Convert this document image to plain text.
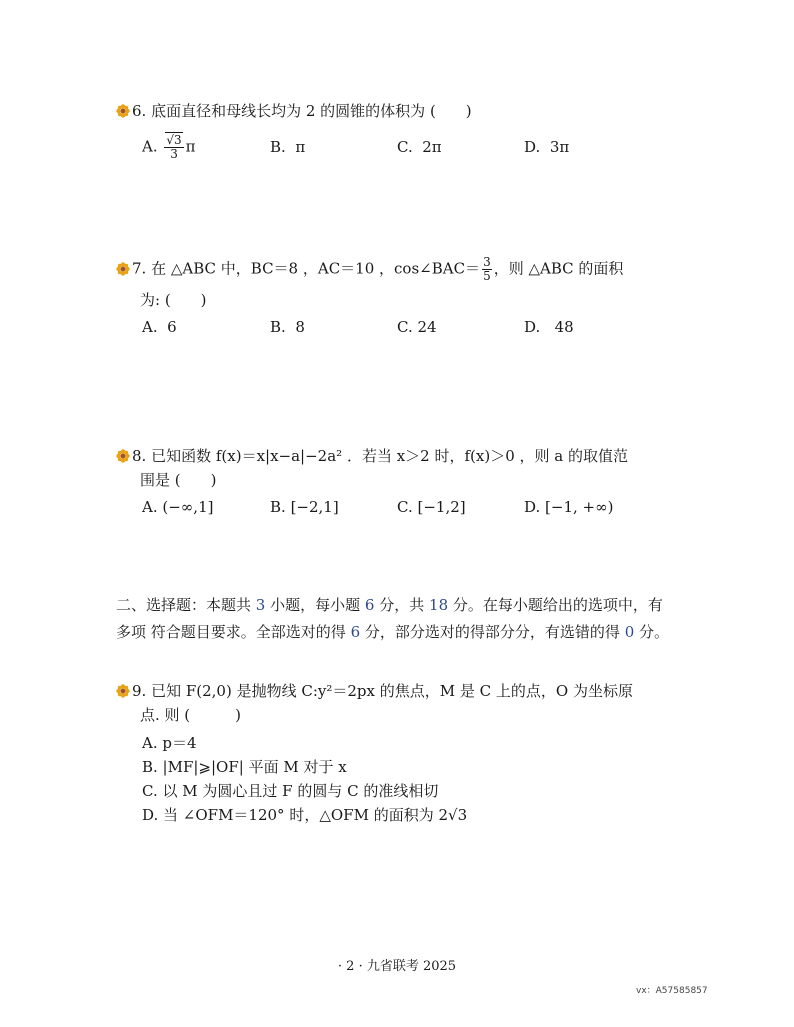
6. 底面直径和母线长均为 2 的圆锥的体积为 (　　)
A. $\frac{√3}{3}$ π	B. π	C. 2π	D. 3π
7. 在 △ABC 中，BC＝8 ，AC＝10 ，cos∠BAC＝ $\frac{3}{5}$ ，则 △ABC 的面积
为: (　　)
A. 6	B. 8	C. 24	D. 48
8. 已知函数 f(x)＝x|x−a|−2a² ．若当 x＞2 时，f(x)＞0 ，则 a 的取值范
围是 (　　)
A. (−∞,1]	B. [−2,1]	C. [−1,2]	D. [−1, +∞)
二、选择题：本题共 3 小题，每小题 6 分，共 18 分。在每小题给出的选项中，有多项 符合题目要求。全部选对的得 6 分，部分选对的得部分分，有选错的得 0 分。
9. 已知 F(2,0) 是抛物线 C:y²＝2px 的焦点，M 是 C 上的点，O 为坐标原
点. 则 (　　　)
A. p＝4
B. |MF|⩾|OF| 平面 M 对于 x
C. 以 M 为圆心且过 F 的圆与 C 的准线相切
D. 当 ∠OFM＝120° 时，△OFM 的面积为 2√3
· 2 · 九省联考 2025
vx：A57585857
